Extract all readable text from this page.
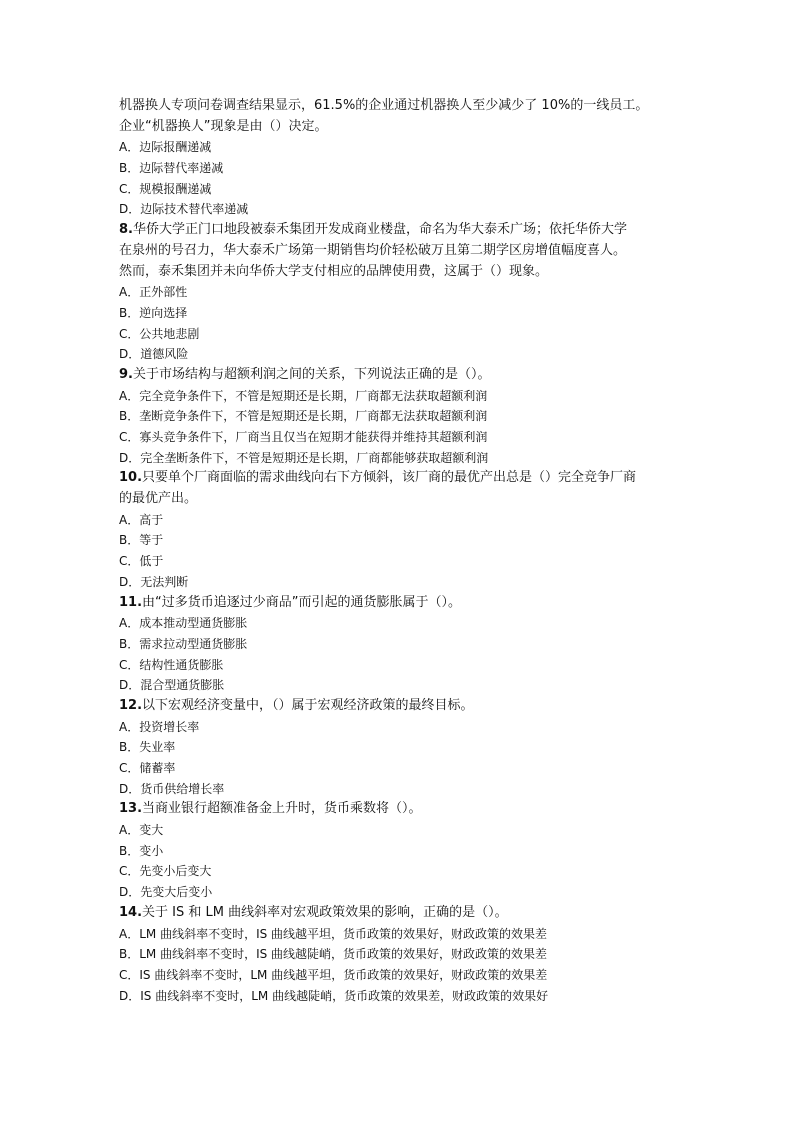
机器换人专项问卷调查结果显示，61.5%的企业通过机器换人至少减少了 10%的一线员工。
企业“机器换人”现象是由（）决定。
A．边际报酬递减
B．边际替代率递减
C．规模报酬递减
D．边际技术替代率递减
8.华侨大学正门口地段被泰禾集团开发成商业楼盘，命名为华大泰禾广场；依托华侨大学
在泉州的号召力，华大泰禾广场第一期销售均价轻松破万且第二期学区房增值幅度喜人。
然而，泰禾集团并未向华侨大学支付相应的品牌使用费，这属于（）现象。
A．正外部性
B．逆向选择
C．公共地悲剧
D．道德风险
9.关于市场结构与超额利润之间的关系，下列说法正确的是（）。
A．完全竞争条件下，不管是短期还是长期，厂商都无法获取超额利润
B．垄断竞争条件下，不管是短期还是长期，厂商都无法获取超额利润
C．寡头竞争条件下，厂商当且仅当在短期才能获得并维持其超额利润
D．完全垄断条件下，不管是短期还是长期，厂商都能够获取超额利润
10.只要单个厂商面临的需求曲线向右下方倾斜，该厂商的最优产出总是（）完全竞争厂商
的最优产出。
A．高于
B．等于
C．低于
D．无法判断
11.由“过多货币追逐过少商品”而引起的通货膨胀属于（）。
A．成本推动型通货膨胀
B．需求拉动型通货膨胀
C．结构性通货膨胀
D．混合型通货膨胀
12.以下宏观经济变量中，（）属于宏观经济政策的最终目标。
A．投资增长率
B．失业率
C．储蓄率
D．货币供给增长率
13.当商业银行超额准备金上升时，货币乘数将（）。
A．变大
B．变小
C．先变小后变大
D．先变大后变小
14.关于 IS 和 LM 曲线斜率对宏观政策效果的影响，正确的是（）。
A．LM 曲线斜率不变时，IS 曲线越平坦，货币政策的效果好，财政政策的效果差
B．LM 曲线斜率不变时，IS 曲线越陡峭，货币政策的效果好，财政政策的效果差
C．IS 曲线斜率不变时，LM 曲线越平坦，货币政策的效果好，财政政策的效果差
D．IS 曲线斜率不变时，LM 曲线越陡峭，货币政策的效果差，财政政策的效果好
